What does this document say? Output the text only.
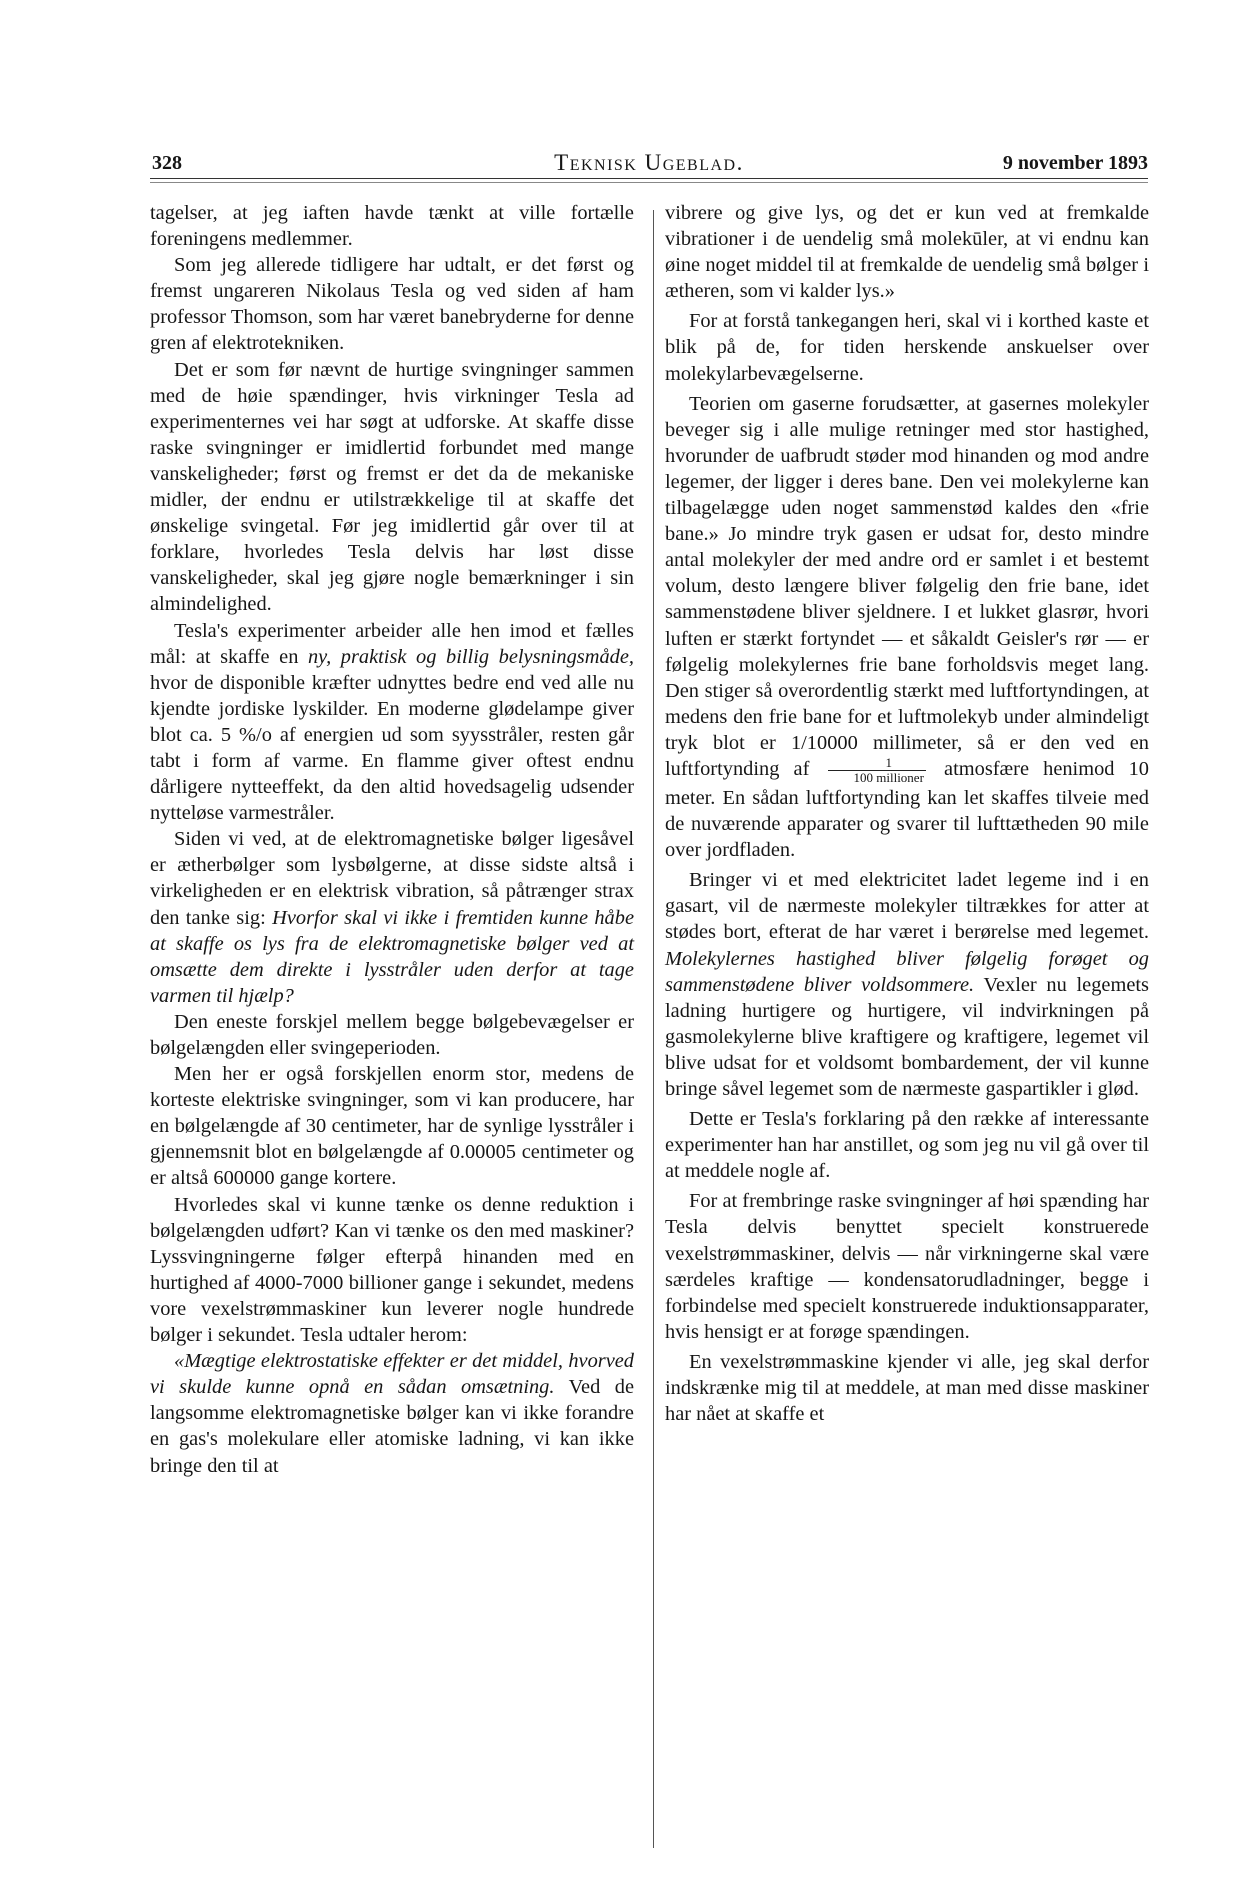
328	Teknisk Ugeblad.	9 november 1893

tagelser, at jeg iaften havde tænkt at ville fortælle foreningens medlemmer.

Som jeg allerede tidligere har udtalt, er det først og fremst ungareren Nikolaus Tesla og ved siden af ham professor Thomson, som har været banebryderne for denne gren af elektrotekniken.

Det er som før nævnt de hurtige svingninger sammen med de høie spændinger, hvis virkninger Tesla ad experimenternes vei har søgt at udforske. At skaffe disse raske svingninger er imidlertid forbundet med mange vanskeligheder; først og fremst er det da de mekaniske midler, der endnu er utilstrækkelige til at skaffe det ønskelige svingetal. Før jeg imidlertid går over til at forklare, hvorledes Tesla delvis har løst disse vanskeligheder, skal jeg gjøre nogle bemærkninger i sin almindelighed.

Tesla's experimenter arbeider alle hen imod et fælles mål: at skaffe en ny, praktisk og billig belysningsmåde, hvor de disponible kræfter udnyttes bedre end ved alle nu kjendte jordiske lyskilder. En moderne glødelampe giver blot ca. 5 %/o af energien ud som syysstråler, resten går tabt i form af varme. En flamme giver oftest endnu dårligere nytteeffekt, da den altid hovedsagelig udsender nytteløse varmestråler.

Siden vi ved, at de elektromagnetiske bølger ligesåvel er ætherbølger som lysbølgerne, at disse sidste altså i virkeligheden er en elektrisk vibration, så påtrænger strax den tanke sig: Hvorfor skal vi ikke i fremtiden kunne håbe at skaffe os lys fra de elektromagnetiske bølger ved at omsætte dem direkte i lysstråler uden derfor at tage varmen til hjælp?

Den eneste forskjel mellem begge bølgebevægelser er bølgelængden eller svingeperioden.

Men her er også forskjellen enorm stor, medens de korteste elektriske svingninger, som vi kan producere, har en bølgelængde af 30 centimeter, har de synlige lysstråler i gjennemsnit blot en bølgelængde af 0.00005 centimeter og er altså 600000 gange kortere.

Hvorledes skal vi kunne tænke os denne reduktion i bølgelængden udført? Kan vi tænke os den med maskiner? Lyssvingningerne følger efterpå hinanden med en hurtighed af 4000-7000 billioner gange i sekundet, medens vore vexelstrømmaskiner kun leverer nogle hundrede bølger i sekundet. Tesla udtaler herom:

«Mægtige elektrostatiske effekter er det middel, hvorved vi skulde kunne opnå en sådan omsætning. Ved de langsomme elektromagnetiske bølger kan vi ikke forandre en gas's molekulare eller atomiske ladning, vi kan ikke bringe den til at

vibrere og give lys, og det er kun ved at fremkalde vibrationer i de uendelig små molekūler, at vi endnu kan øine noget middel til at fremkalde de uendelig små bølger i ætheren, som vi kalder lys.»

For at forstå tankegangen heri, skal vi i korthed kaste et blik på de, for tiden herskende anskuelser over molekylarbevægelserne.

Teorien om gaserne forudsætter, at gasernes molekyler beveger sig i alle mulige retninger med stor hastighed, hvorunder de uafbrudt støder mod hinanden og mod andre legemer, der ligger i deres bane. Den vei molekylerne kan tilbagelægge uden noget sammenstød kaldes den «frie bane.» Jo mindre tryk gasen er udsat for, desto mindre antal molekyler der med andre ord er samlet i et bestemt volum, desto længere bliver følgelig den frie bane, idet sammenstødene bliver sjeldnere. I et lukket glasrør, hvori luften er stærkt fortyndet — et såkaldt Geisler's rør — er følgelig molekylernes frie bane forholdsvis meget lang. Den stiger så overordentlig stærkt med luftfortyndingen, at medens den frie bane for et luftmolekyb under almindeligt tryk blot er 1/10000 millimeter, så er den ved en luftfortynding af $\frac{1}{\text{100 millioner}}$ atmosfære henimod 10 meter. En sådan luftfortynding kan let skaffes tilveie med de nuværende apparater og svarer til lufttætheden 90 mile over jordfladen.

Bringer vi et med elektricitet ladet legeme ind i en gasart, vil de nærmeste molekyler tiltrækkes for atter at stødes bort, efterat de har været i berørelse med legemet. Molekylernes hastighed bliver følgelig forøget og sammenstødene bliver voldsommere. Vexler nu legemets ladning hurtigere og hurtigere, vil indvirkningen på gasmolekylerne blive kraftigere og kraftigere, legemet vil blive udsat for et voldsomt bombardement, der vil kunne bringe såvel legemet som de nærmeste gaspartikler i glød.

Dette er Tesla's forklaring på den række af interessante experimenter han har anstillet, og som jeg nu vil gå over til at meddele nogle af.

For at frembringe raske svingninger af høi spænding har Tesla delvis benyttet specielt konstruerede vexelstrømmaskiner, delvis — når virkningerne skal være særdeles kraftige — kondensatorudladninger, begge i forbindelse med specielt konstruerede induktionsapparater, hvis hensigt er at forøge spændingen.

En vexelstrømmaskine kjender vi alle, jeg skal derfor indskrænke mig til at meddele, at man med disse maskiner har nået at skaffe et
